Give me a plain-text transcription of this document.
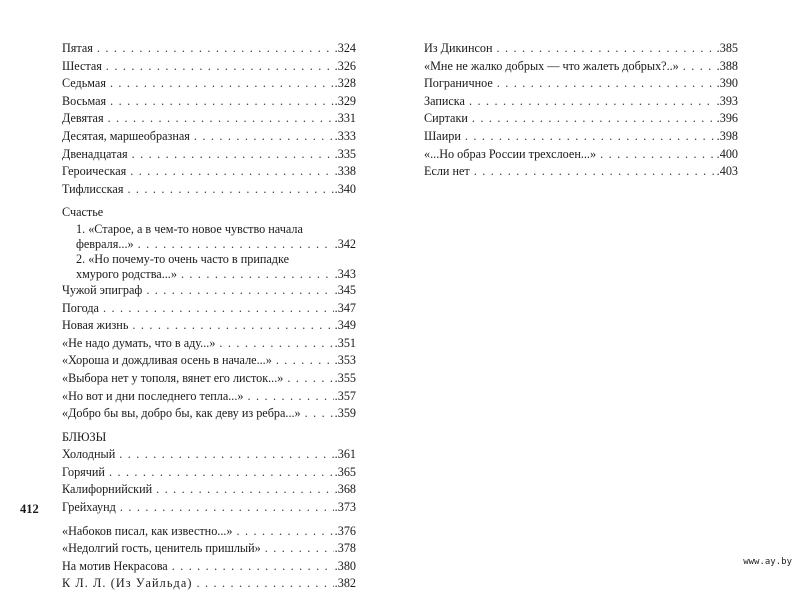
Пятая . . .	.324
Шестая . . .	.326
Седьмая . . .	.328
Восьмая . . .	.329
Девятая . . .	.331
Десятая, маршеобразная . . .	.333
Двенадцатая . . .	.335
Героическая . . .	.338
Тифлисская . . .	.340
Счастье
1. «Старое, а в чем-то новое чувство начала
февраля...» . . .	.342
2. «Но почему-то очень часто в припадке
хмурого родства...» . . .	.343
Чужой эпиграф . . .	.345
Погода . . .	.347
Новая жизнь . . .	.349
«Не надо думать, что в аду...» . . .	.351
«Хороша и дождливая осень в начале...» . . .	.353
«Выбора нет у тополя, вянет его листок...» . . .	.355
«Но вот и дни последнего тепла...» . . .	.357
«Добро бы вы, добро бы, как деву из ребра...» . . .	.359
БЛЮЗЫ
Холодный . . .	.361
Горячий . . .	.365
Калифорнийский . . .	.368
Грейхаунд . . .	.373
«Набоков писал, как известно...» . . .	.376
«Недолгий гость, ценитель пришлый» . . .	.378
На мотив Некрасова . . .	.380
К Л. Л. (Из Уайльда) . . .	.382
Из Дикинсон . . .	.385
«Мне не жалко добрых — что жалеть добрых?..» . . .	.388
Пограничное . . .	.390
Записка . . .	.393
Сиртаки . . .	.396
Шаири . . .	.398
«...Но образ России трехслоен...» . . .	.400
Если нет . . .	.403
412
www.ay.by
